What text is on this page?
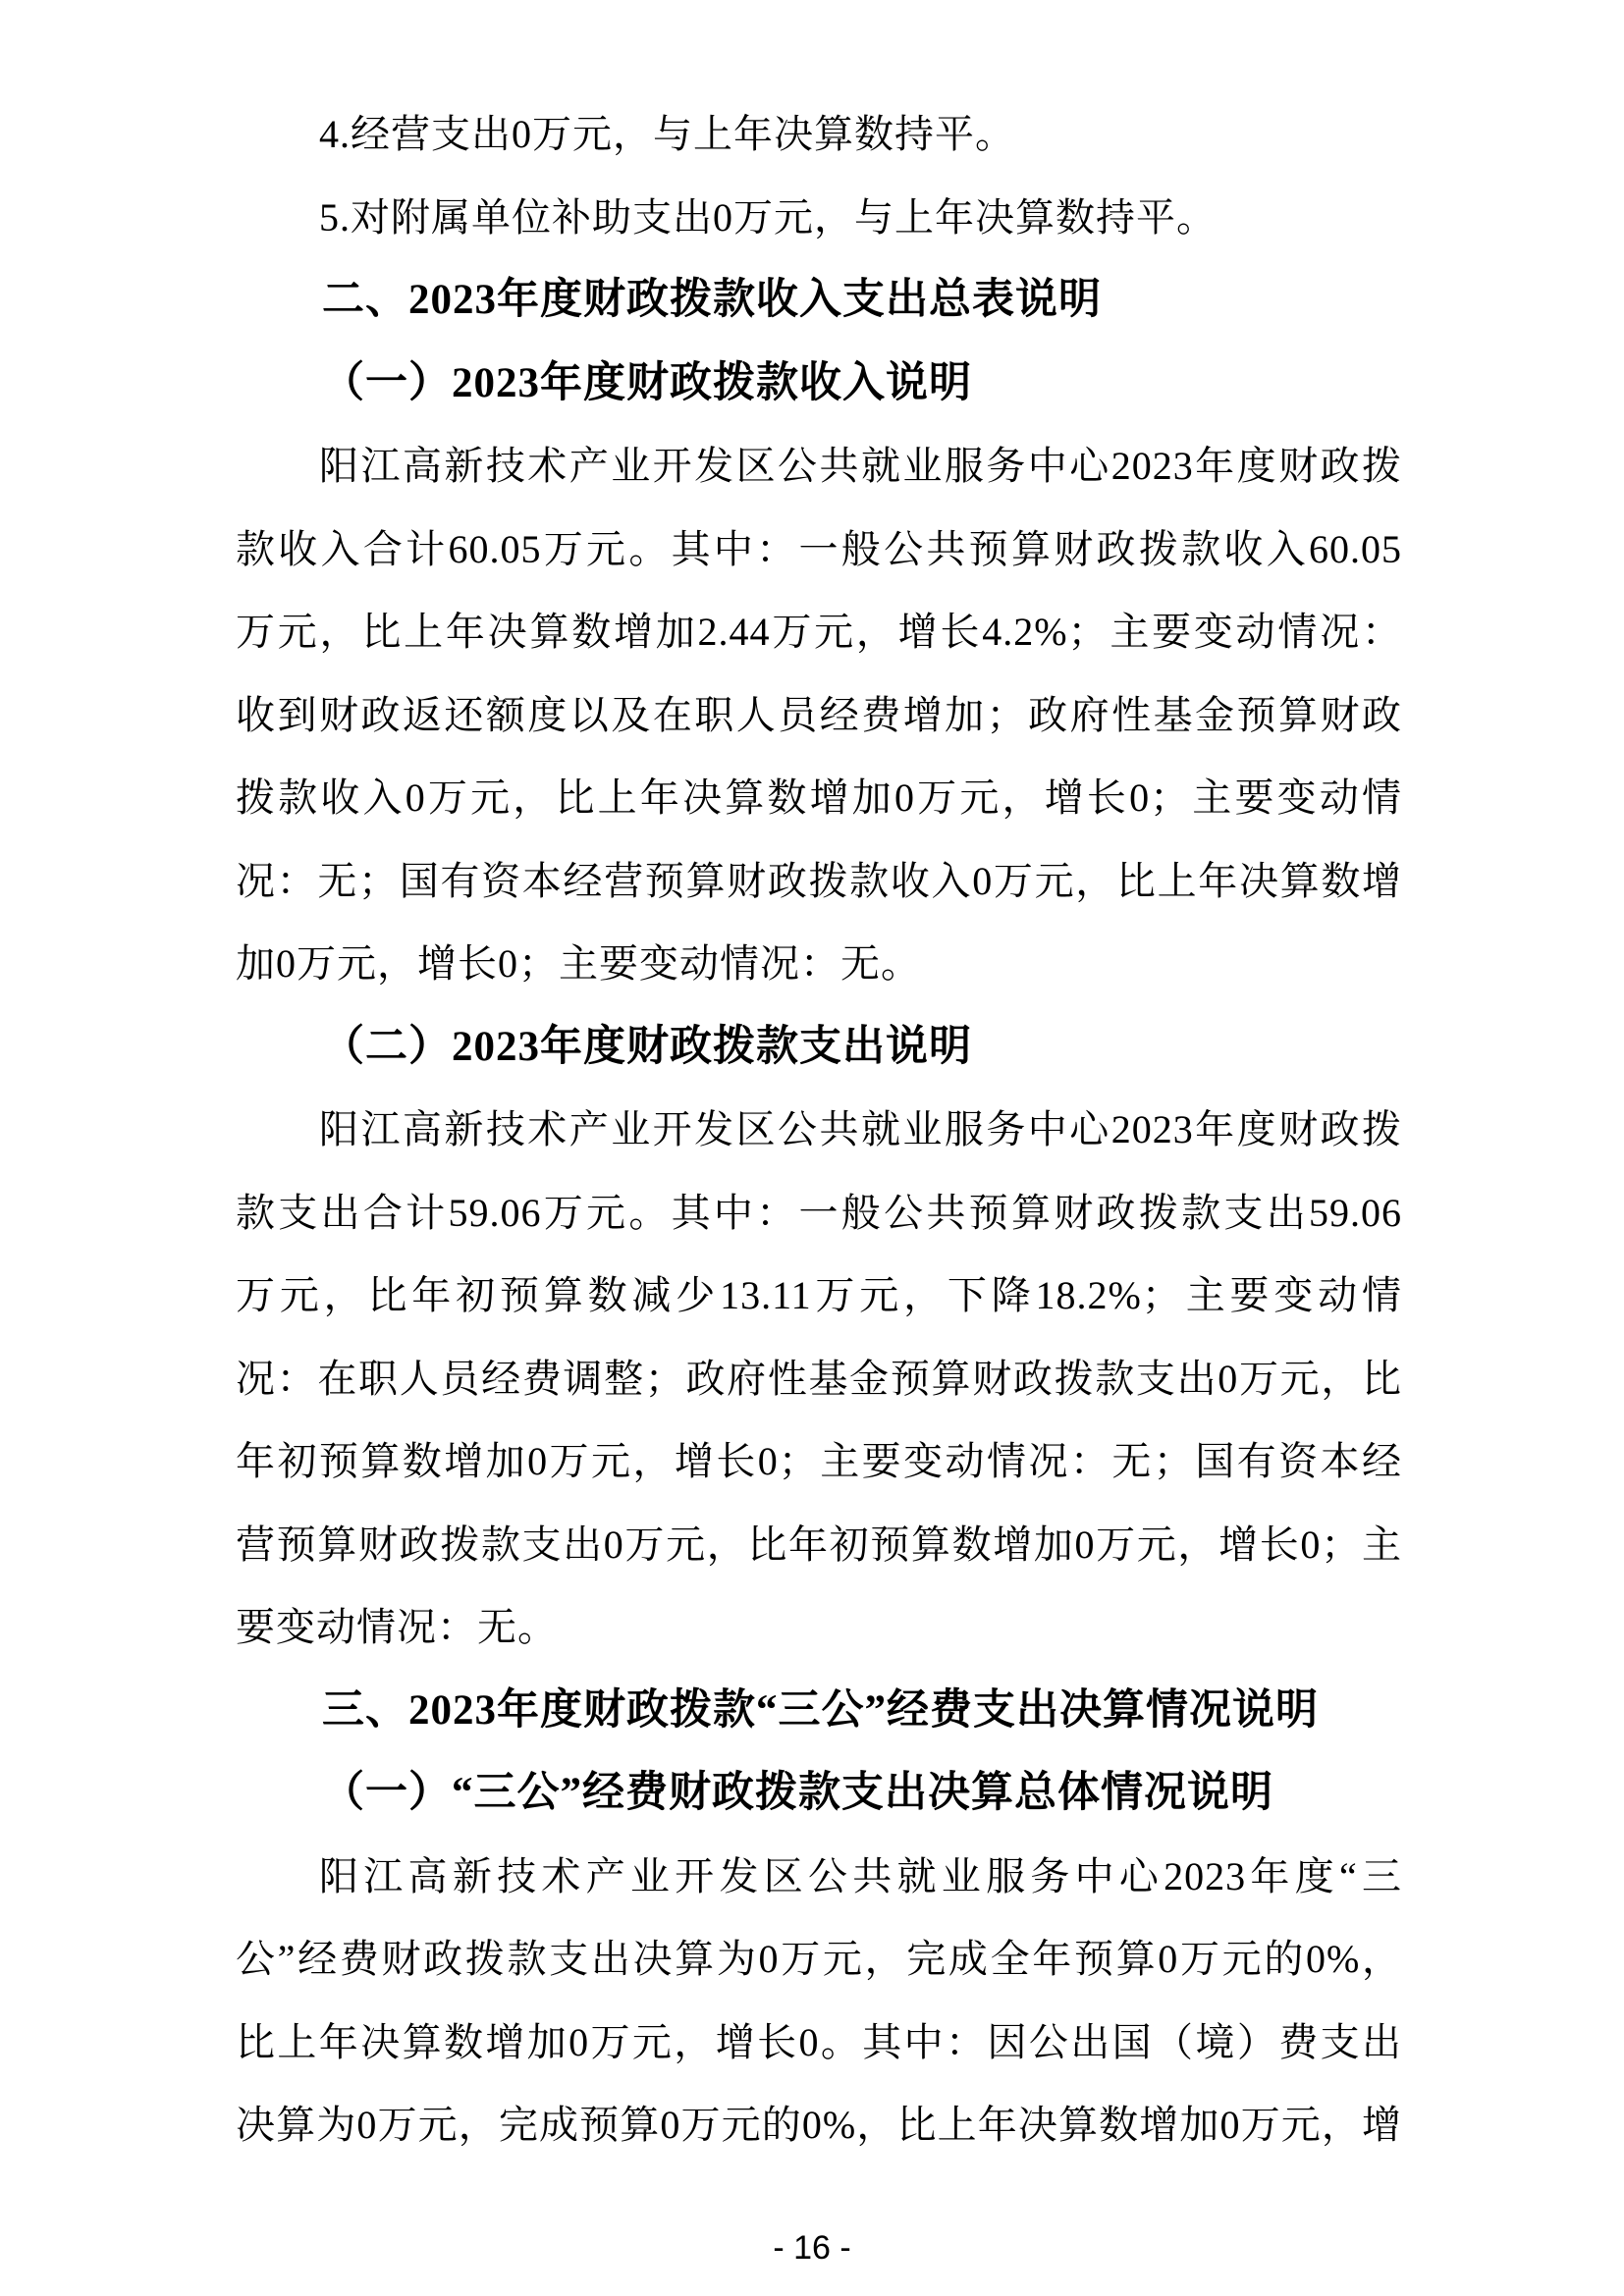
4.经营支出0万元，与上年决算数持平。
5.对附属单位补助支出0万元，与上年决算数持平。
二、2023年度财政拨款收入支出总表说明
（一）2023年度财政拨款收入说明
阳江高新技术产业开发区公共就业服务中心2023年度财政拨
款收入合计60.05万元。其中：一般公共预算财政拨款收入60.05
万元，比上年决算数增加2.44万元，增长4.2%；主要变动情况：
收到财政返还额度以及在职人员经费增加；政府性基金预算财政
拨款收入0万元，比上年决算数增加0万元，增长0；主要变动情
况：无；国有资本经营预算财政拨款收入0万元，比上年决算数增
加0万元，增长0；主要变动情况：无。
（二）2023年度财政拨款支出说明
阳江高新技术产业开发区公共就业服务中心2023年度财政拨
款支出合计59.06万元。其中：一般公共预算财政拨款支出59.06
万元，比年初预算数减少13.11万元，下降18.2%；主要变动情
况：在职人员经费调整；政府性基金预算财政拨款支出0万元，比
年初预算数增加0万元，增长0；主要变动情况：无；国有资本经
营预算财政拨款支出0万元，比年初预算数增加0万元，增长0；主
要变动情况：无。
三、2023年度财政拨款“三公”经费支出决算情况说明
（一）“三公”经费财政拨款支出决算总体情况说明
阳江高新技术产业开发区公共就业服务中心2023年度“三
公”经费财政拨款支出决算为0万元，完成全年预算0万元的0%，
比上年决算数增加0万元，增长0。其中：因公出国（境）费支出
决算为0万元，完成预算0万元的0%，比上年决算数增加0万元，增
- 16 -
